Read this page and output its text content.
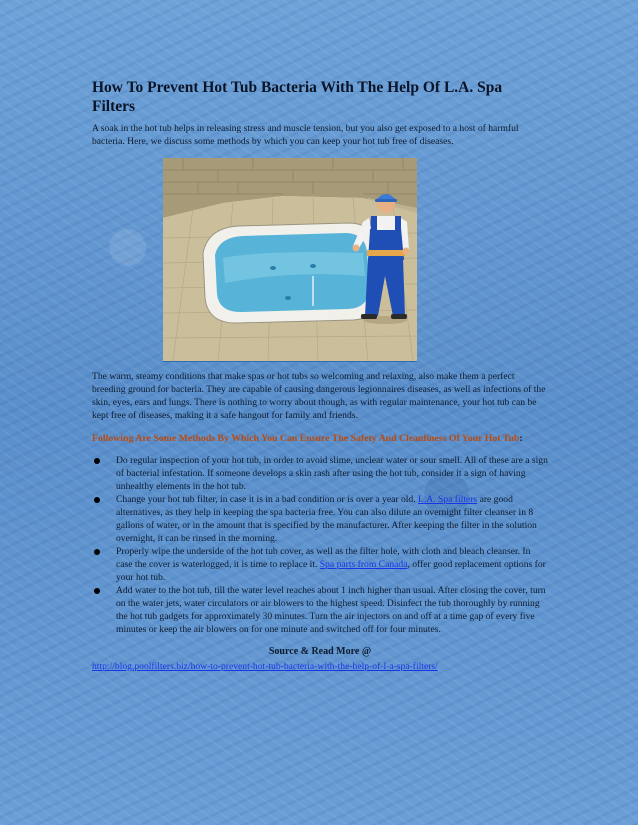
How To Prevent Hot Tub Bacteria With The Help Of L.A. Spa Filters

A soak in the hot tub helps in releasing stress and muscle tension, but you also get exposed to a host of harmful bacteria. Here, we discuss some methods by which you can keep your hot tub free of diseases.

The warm, steamy conditions that make spas or hot tubs so welcoming and relaxing, also make them a perfect breeding ground for bacteria. They are capable of causing dangerous legionnaires diseases, as well as infections of the skin, eyes, ears and lungs. There is nothing to worry about though, as with regular maintenance, your hot tub can be kept free of diseases, making it a safe hangout for family and friends.

Following Are Some Methods By Which You Can Ensure The Safety And Cleanliness Of Your Hot Tub:

Do regular inspection of your hot tub, in order to avoid slime, unclear water or sour smell. All of these are a sign of bacterial infestation. If someone develops a skin rash after using the hot tub, consider it a sign of having unhealthy elements in the hot tub.
Change your hot tub filter, in case it is in a bad condition or is over a year old. L.A. Spa filters are good alternatives, as they help in keeping the spa bacteria free. You can also dilute an overnight filter cleanser in 8 gallons of water, or in the amount that is specified by the manufacturer. After keeping the filter in the solution overnight, it can be rinsed in the morning.
Properly wipe the underside of the hot tub cover, as well as the filter hole, with cloth and bleach cleanser. In case the cover is waterlogged, it is time to replace it. Spa parts from Canada, offer good replacement options for your hot tub.
Add water to the hot tub, till the water level reaches about 1 inch higher than usual. After closing the cover, turn on the water jets, water circulators or air blowers to the highest speed. Disinfect the tub thoroughly by running the hot tub gadgets for approximately 30 minutes. Turn the air injectors on and off at a time gap of every five minutes or keep the air blowers on for one minute and switched off for four minutes.

Source & Read More @

http://blog.poolfilters.biz/how-to-prevent-hot-tub-bacteria-with-the-help-of-l-a-spa-filters/
